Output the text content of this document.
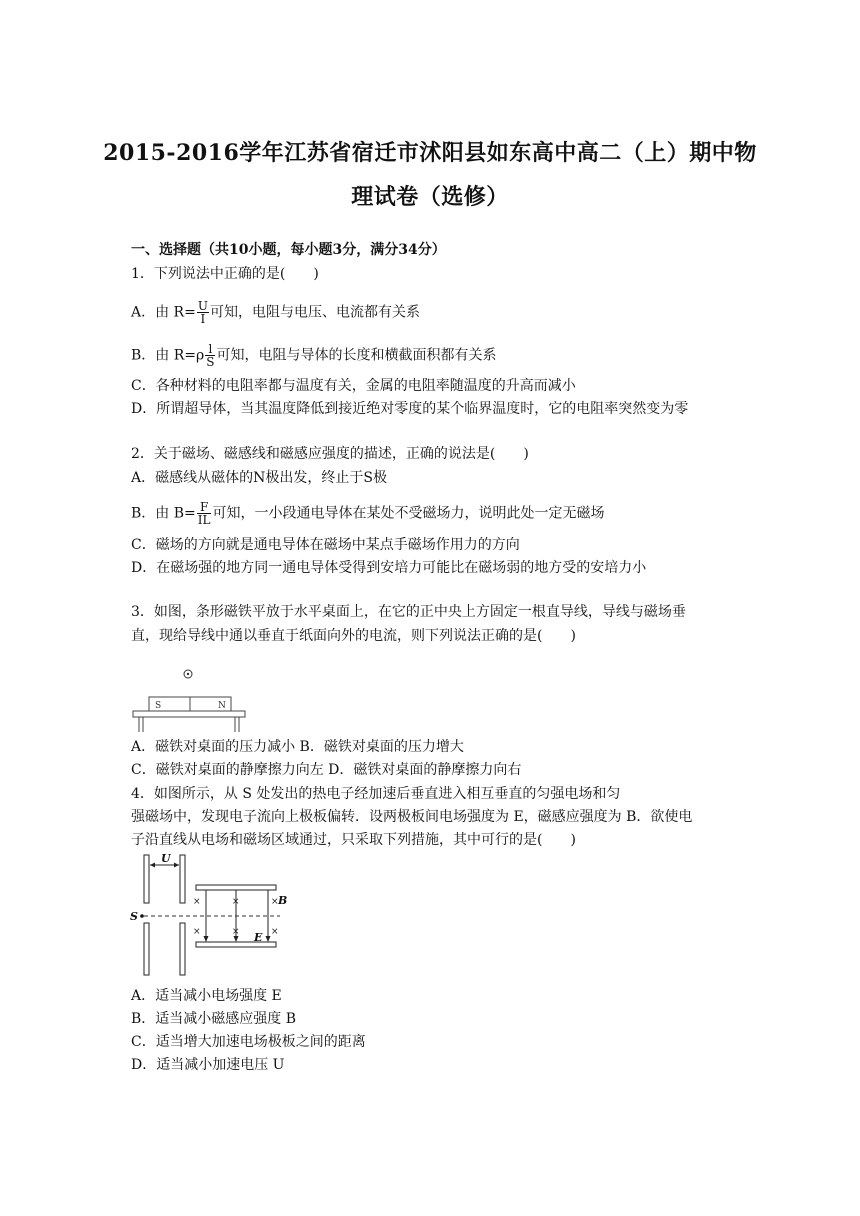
2015-2016学年江苏省宿迁市沭阳县如东高中高二（上）期中物
理试卷（选修）
一、选择题（共10小题，每小题3分，满分34分）
1．下列说法中正确的是(　　)
A．由 $R= \frac{U}{I}$ 可知，电阻与电压、电流都有关系
B．由 $R=\rho \frac{l}{S}$ 可知，电阻与导体的长度和横截面积都有关系
C．各种材料的电阻率都与温度有关，金属的电阻率随温度的升高而减小
D．所谓超导体，当其温度降低到接近绝对零度的某个临界温度时，它的电阻率突然变为零
2．关于磁场、磁感线和磁感应强度的描述，正确的说法是(　　)
A．磁感线从磁体的N极出发，终止于S极
B．由 $B= \frac{F}{IL}$ 可知，一小段通电导体在某处不受磁场力，说明此处一定无磁场
C．磁场的方向就是通电导体在磁场中某点手磁场作用力的方向
D．在磁场强的地方同一通电导体受得到安培力可能比在磁场弱的地方受的安培力小
3．如图，条形磁铁平放于水平桌面上，在它的正中央上方固定一根直导线，导线与磁场垂
直，现给导线中通以垂直于纸面向外的电流，则下列说法正确的是(　　)
S	N
A．磁铁对桌面的压力减小 B．磁铁对桌面的压力增大
C．磁铁对桌面的静摩擦力向左 D．磁铁对桌面的静摩擦力向右
4．如图所示，从 S 处发出的热电子经加速后垂直进入相互垂直的匀强电场和匀
强磁场中，发现电子流向上极板偏转．设两极板间电场强度为 E，磁感应强度为 B．欲使电
子沿直线从电场和磁场区域通过，只采取下列措施，其中可行的是(　　)
U
S
×	×	×
×	×	×
B
E
A．适当减小电场强度 E
B．适当减小磁感应强度 B
C．适当增大加速电场极板之间的距离
D．适当减小加速电压 U
